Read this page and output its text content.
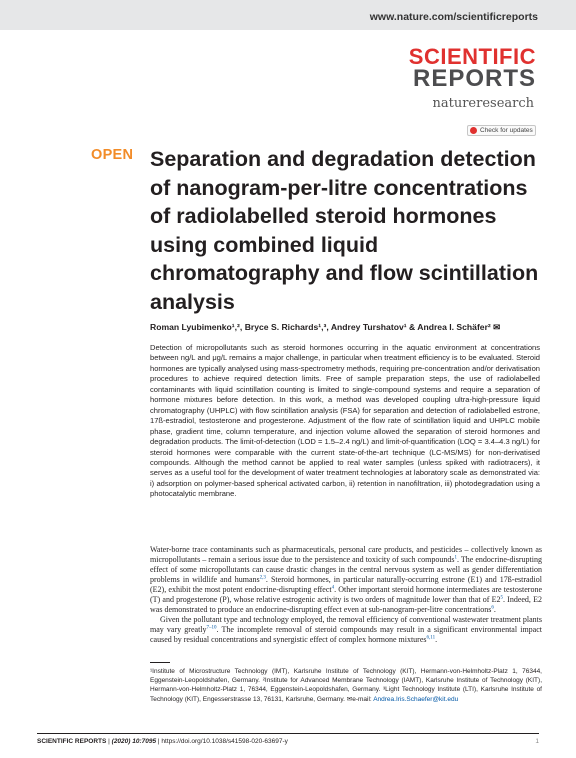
www.nature.com/scientificreports
SCIENTIFIC
REPORTS
natureresearch
Check for updates
OPEN Separation and degradation detection of nanogram-per-litre concentrations of radiolabelled steroid hormones using combined liquid chromatography and flow scintillation analysis
Roman Lyubimenko¹,², Bryce S. Richards¹,³, Andrey Turshatov¹ & Andrea I. Schäfer² ✉

Detection of micropollutants such as steroid hormones occurring in the aquatic environment at concentrations between ng/L and μg/L remains a major challenge, in particular when treatment efficiency is to be evaluated. Steroid hormones are typically analysed using mass-spectrometry methods, requiring pre-concentration and/or derivatisation procedures to achieve required detection limits. Free of sample preparation steps, the use of radiolabelled contaminants with liquid scintillation counting is limited to single-compound systems and require a separation of hormone mixtures before detection. In this work, a method was developed coupling ultra-high-pressure liquid chromatography (UHPLC) with flow scintillation analysis (FSA) for separation and detection of radiolabelled estrone, 17ß-estradiol, testosterone and progesterone. Adjustment of the flow rate of scintillation liquid and UHPLC mobile phase, gradient time, column temperature, and injection volume allowed the separation of steroid hormones and degradation products. The limit-of-detection (LOD = 1.5–2.4 ng/L) and limit-of-quantification (LOQ = 3.4–4.3 ng/L) for steroid hormones were comparable with the current state-of-the-art technique (LC-MS/MS) for non-derivatised compounds. Although the method cannot be applied to real water samples (unless spiked with radiotracers), it serves as a useful tool for the development of water treatment technologies at laboratory scale as demonstrated via: i) adsorption on polymer-based spherical activated carbon, ii) retention in nanofiltration, iii) photodegradation using a photocatalytic membrane.

Water-borne trace contaminants such as pharmaceuticals, personal care products, and pesticides – collectively known as micropollutants – remain a serious issue due to the persistence and toxicity of such compounds$^1$. The endocrine-disrupting effect of some micropollutants can cause drastic changes in the central nervous system as well as gender differentiation problems in wildlife and humans$^{2,3}$. Steroid hormones, in particular naturally-occurring estrone (E1) and 17ß-estradiol (E2), exhibit the most potent endocrine-disrupting effect$^4$. Other important steroid hormone intermediates are testosterone (T) and progesterone (P), whose relative estrogenic activity is two orders of magnitude lower than that of $E2^5$. Indeed, E2 was demonstrated to produce an endocrine-disrupting effect even at sub-nanogram-per-litre concentrations$^6$.

Given the pollutant type and technology employed, the removal efficiency of conventional wastewater treatment plants may vary greatly$^{7-10}$. The incomplete removal of steroid compounds may result in a significant environmental impact caused by residual concentrations and synergistic effect of complex hormone mixtures$^{6,11}$.

¹Institute of Microstructure Technology (IMT), Karlsruhe Institute of Technology (KIT), Hermann-von-Helmholtz-Platz 1, 76344, Eggenstein-Leopoldshafen, Germany. ²Institute for Advanced Membrane Technology (IAMT), Karlsruhe Institute of Technology (KIT), Hermann-von-Helmholtz-Platz 1, 76344, Eggenstein-Leopoldshafen, Germany. ³Light Technology Institute (LTI), Karlsruhe Institute of Technology (KIT), Engesserstrasse 13, 76131, Karlsruhe, Germany. ✉e-mail: Andrea.Iris.Schaefer@kit.edu
SCIENTIFIC REPORTS | (2020) 10:7095 | https://doi.org/10.1038/s41598-020-63697-y	1
